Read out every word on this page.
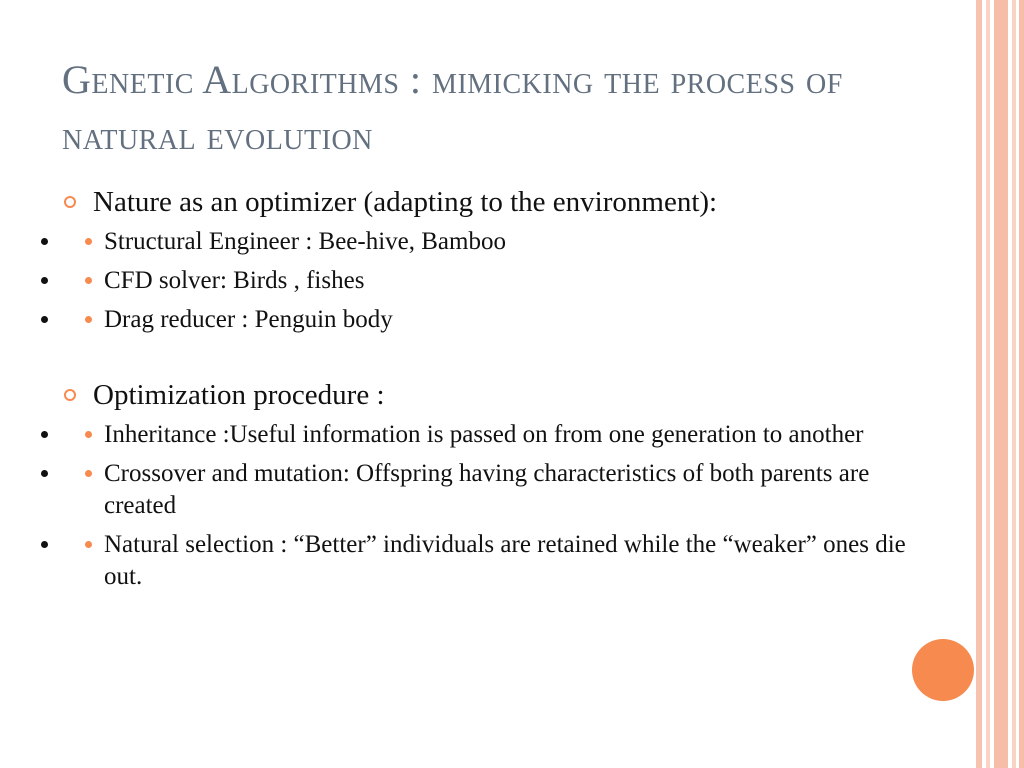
Genetic Algorithms : mimicking the process of natural evolution
Nature as an optimizer (adapting to the environment):
• Structural Engineer : Bee-hive, Bamboo
• CFD solver: Birds , fishes
• Drag reducer : Penguin body
Optimization procedure :
• Inheritance :Useful information is passed on from one generation to another
• Crossover and mutation: Offspring having characteristics of both parents are created
• Natural selection : “Better” individuals are retained while the “weaker” ones die out.
